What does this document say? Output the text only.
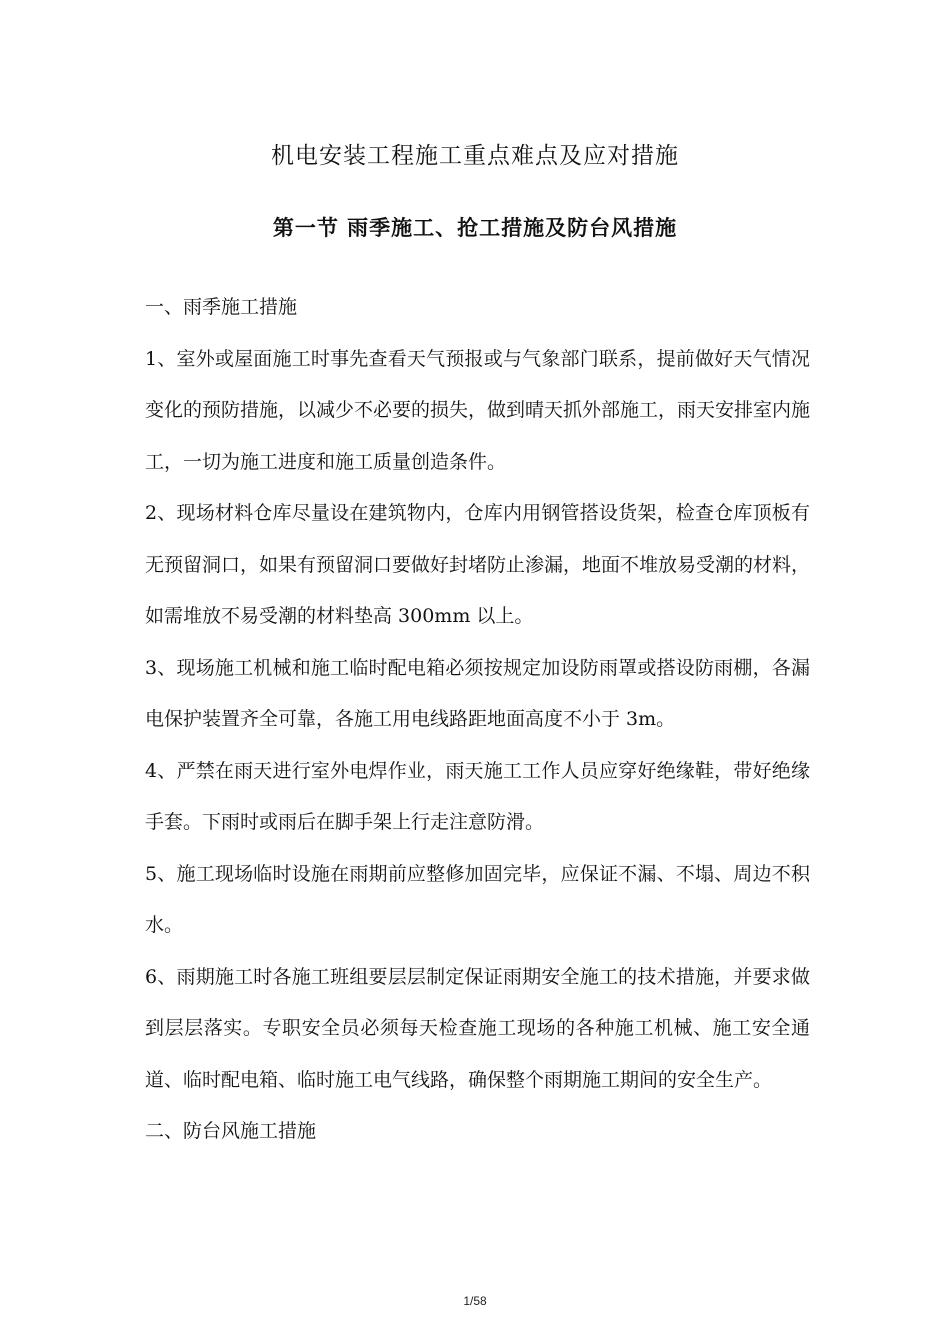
机电安装工程施工重点难点及应对措施
第一节 雨季施工、抢工措施及防台风措施

一、雨季施工措施

1、室外或屋面施工时事先查看天气预报或与气象部门联系，提前做好天气情况变化的预防措施，以减少不必要的损失，做到晴天抓外部施工，雨天安排室内施工，一切为施工进度和施工质量创造条件。

2、现场材料仓库尽量设在建筑物内，仓库内用钢管搭设货架，检查仓库顶板有无预留洞口，如果有预留洞口要做好封堵防止渗漏，地面不堆放易受潮的材料，如需堆放不易受潮的材料垫高 300mm 以上。

3、现场施工机械和施工临时配电箱必须按规定加设防雨罩或搭设防雨棚，各漏电保护装置齐全可靠，各施工用电线路距地面高度不小于 3m。

4、严禁在雨天进行室外电焊作业，雨天施工工作人员应穿好绝缘鞋，带好绝缘手套。下雨时或雨后在脚手架上行走注意防滑。

5、施工现场临时设施在雨期前应整修加固完毕，应保证不漏、不塌、周边不积水。

6、雨期施工时各施工班组要层层制定保证雨期安全施工的技术措施，并要求做到层层落实。专职安全员必须每天检查施工现场的各种施工机械、施工安全通道、临时配电箱、临时施工电气线路，确保整个雨期施工期间的安全生产。

二、防台风施工措施

1/58
